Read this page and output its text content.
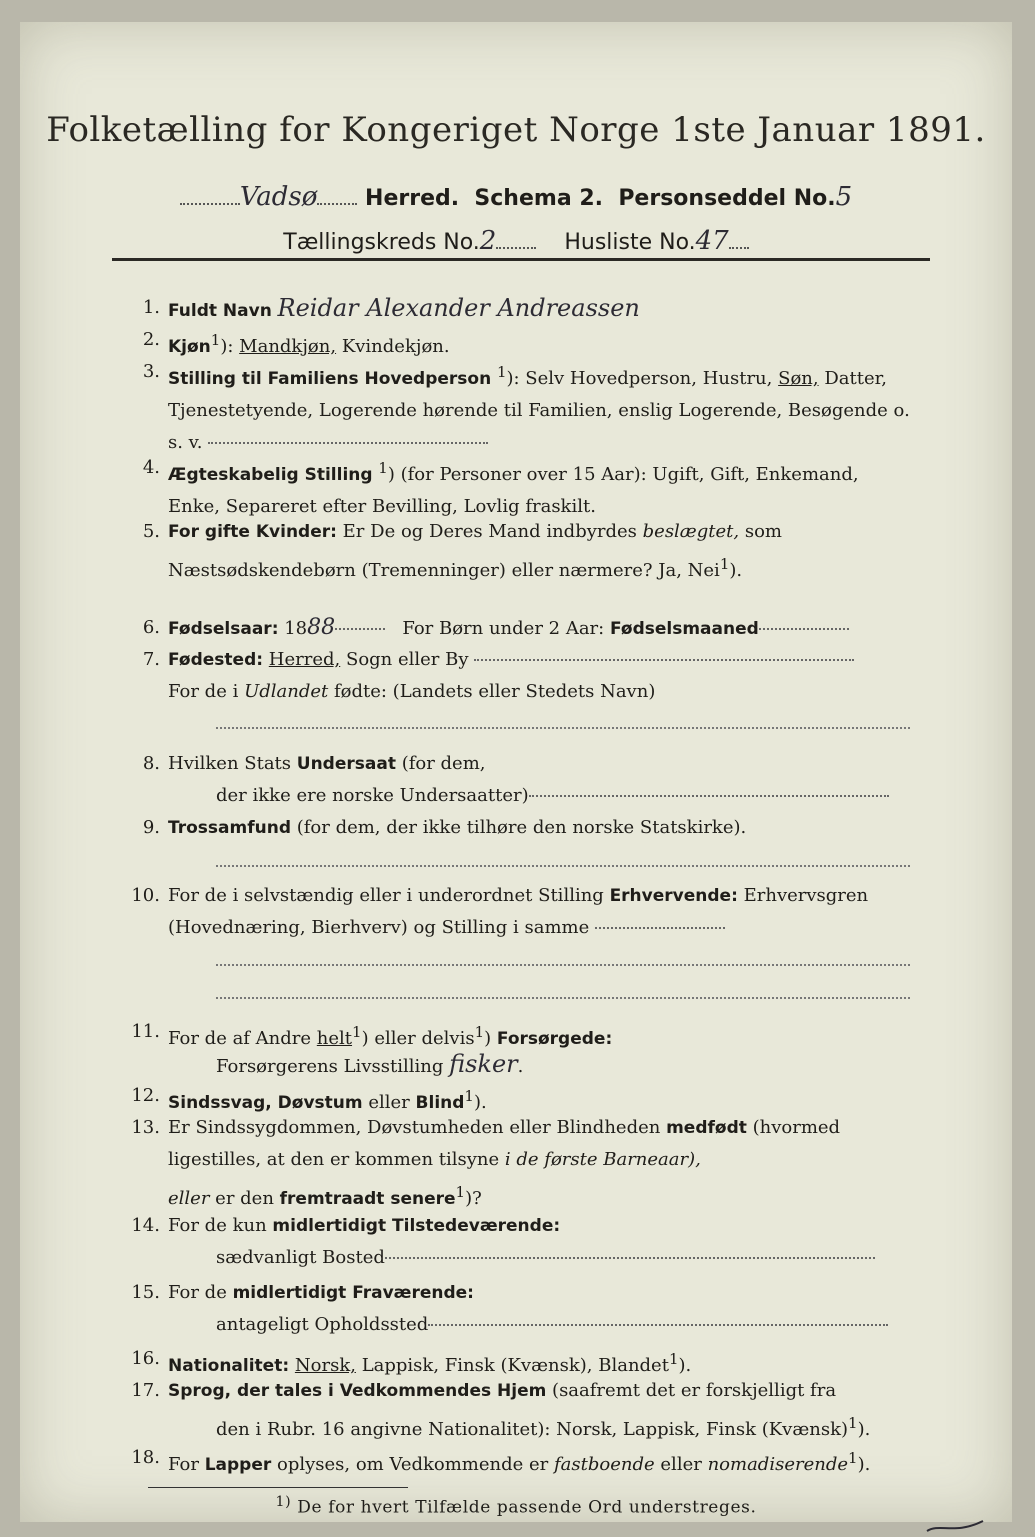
Folketælling for Kongeriget Norge 1ste Januar 1891.
Vadsø Herred. Schema 2. Personseddel No.5
Tællingskreds No.2	Husliste No.47
1. Fuldt Navn Reidar Alexander Andreassen
2. Kjøn$^1$): Mandkjøn, Kvindekjøn.
3. Stilling til Familiens Hovedperson $^1$): Selv Hovedperson, Hustru, Søn, Datter, Tjenestetyende, Logerende hørende til Familien, enslig Logerende, Besøgende o. s. v.
4. Ægteskabelig Stilling $^1$) (for Personer over 15 Aar): Ugift, Gift, Enkemand, Enke, Separeret efter Bevilling, Lovlig fraskilt.
5. For gifte Kvinder: Er De og Deres Mand indbyrdes beslægtet, som Næstsødskendebørn (Tremenninger) eller nærmere? Ja, Nei$^1$).
6. Fødselsaar: 1888	For Børn under 2 Aar: Fødselsmaaned
7. Fødested: Herred, Sogn eller By
For de i Udlandet fødte: (Landets eller Stedets Navn)
8. Hvilken Stats Undersaat (for dem,
der ikke ere norske Undersaatter)
9. Trossamfund (for dem, der ikke tilhøre den norske Statskirke).
10. For de i selvstændig eller i underordnet Stilling Erhvervende: Erhvervsgren (Hovednæring, Bierhverv) og Stilling i samme
11. For de af Andre helt$^1$) eller delvis$^1$) Forsørgede:
Forsørgerens Livsstilling fisker.
12. Sindssvag, Døvstum eller Blind$^1$).
13. Er Sindssygdommen, Døvstumheden eller Blindheden medfødt (hvormed ligestilles, at den er kommen tilsyne i de første Barneaar),
eller er den fremtraadt senere$^1$)?
14. For de kun midlertidigt Tilstedeværende:
sædvanligt Bosted
15. For de midlertidigt Fraværende:
antageligt Opholdssted
16. Nationalitet: Norsk, Lappisk, Finsk (Kvænsk), Blandet$^1$).
17. Sprog, der tales i Vedkommendes Hjem (saafremt det er forskjelligt fra
den i Rubr. 16 angivne Nationalitet): Norsk, Lappisk, Finsk (Kvænsk)$^1$).
18. For Lapper oplyses, om Vedkommende er fastboende eller nomadiserende$^1$).
$^{1)}$ De for hvert Tilfælde passende Ord understreges.
